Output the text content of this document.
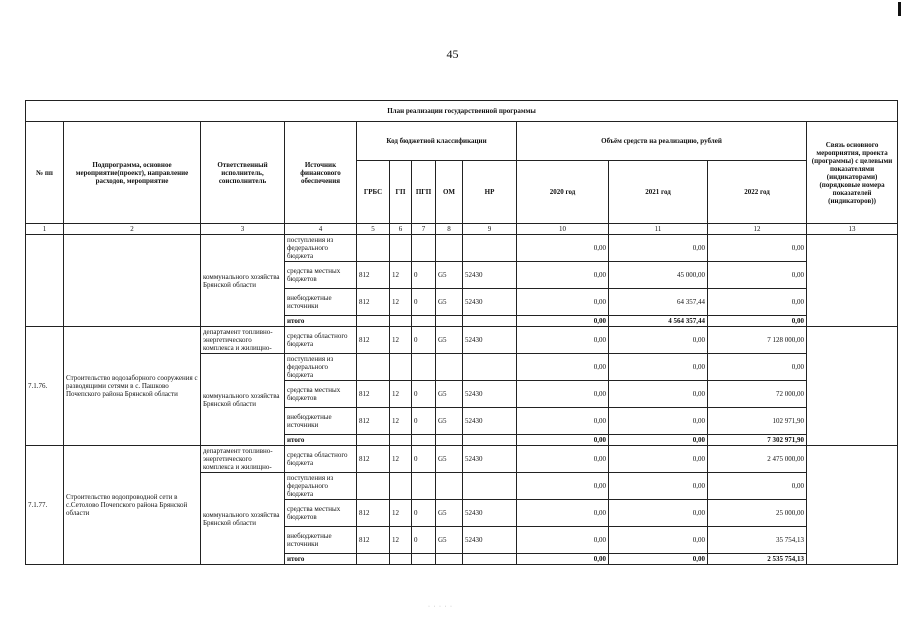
45
План реализации государственной программы												
№ пп	Подпрограмма, основное мероприятие(проект), направление расходов, мероприятие	Ответственный исполнитель, соисполнитель	Источник финансового обеспечения	Код бюджетной классификации					Объём средств на реализацию, рублей			Связь основного мероприятия, проекта (программы) с целевыми показателями (индикаторами) (порядковые номера показателей (индикаторов))
				ГРБС	ГП	ПГП	ОМ	НР	2020 год	2021 год	2022 год	
1	2	3	4	5	6	7	8	9	10	11	12	13
		коммунального хозяйства Брянской области	поступления из федерального бюджета						0,00	0,00	0,00	
			средства местных бюджетов	812	12	0	G5	52430	0,00	45 000,00	0,00	
			внебюджетные источники	812	12	0	G5	52430	0,00	64 357,44	0,00	
			итого						0,00	4 564 357,44	0,00	
7.1.76.	Строительство водозаборного сооружения с разводящими сетями в с. Пашково Почепского района Брянской области	департамент топливно-энергетического комплекса и жилищно-	средства областного бюджета	812	12	0	G5	52430	0,00	0,00	7 128 000,00	
		коммунального хозяйства Брянской области	поступления из федерального бюджета						0,00	0,00	0,00	
			средства местных бюджетов	812	12	0	G5	52430	0,00	0,00	72 000,00	
			внебюджетные источники	812	12	0	G5	52430	0,00	0,00	102 971,90	
			итого						0,00	0,00	7 302 971,90	
7.1.77.	Строительство водопроводной сети в с.Сетолово Почепского района Брянской области	департамент топливно-энергетического комплекса и жилищно-	средства областного бюджета	812	12	0	G5	52430	0,00	0,00	2 475 000,00	
		коммунального хозяйства Брянской области	поступления из федерального бюджета						0,00	0,00	0,00	
			средства местных бюджетов	812	12	0	G5	52430	0,00	0,00	25 000,00	
			внебюджетные источники	812	12	0	G5	52430	0,00	0,00	35 754,13	
			итого						0,00	0,00	2 535 754,13	
· · · · ·
